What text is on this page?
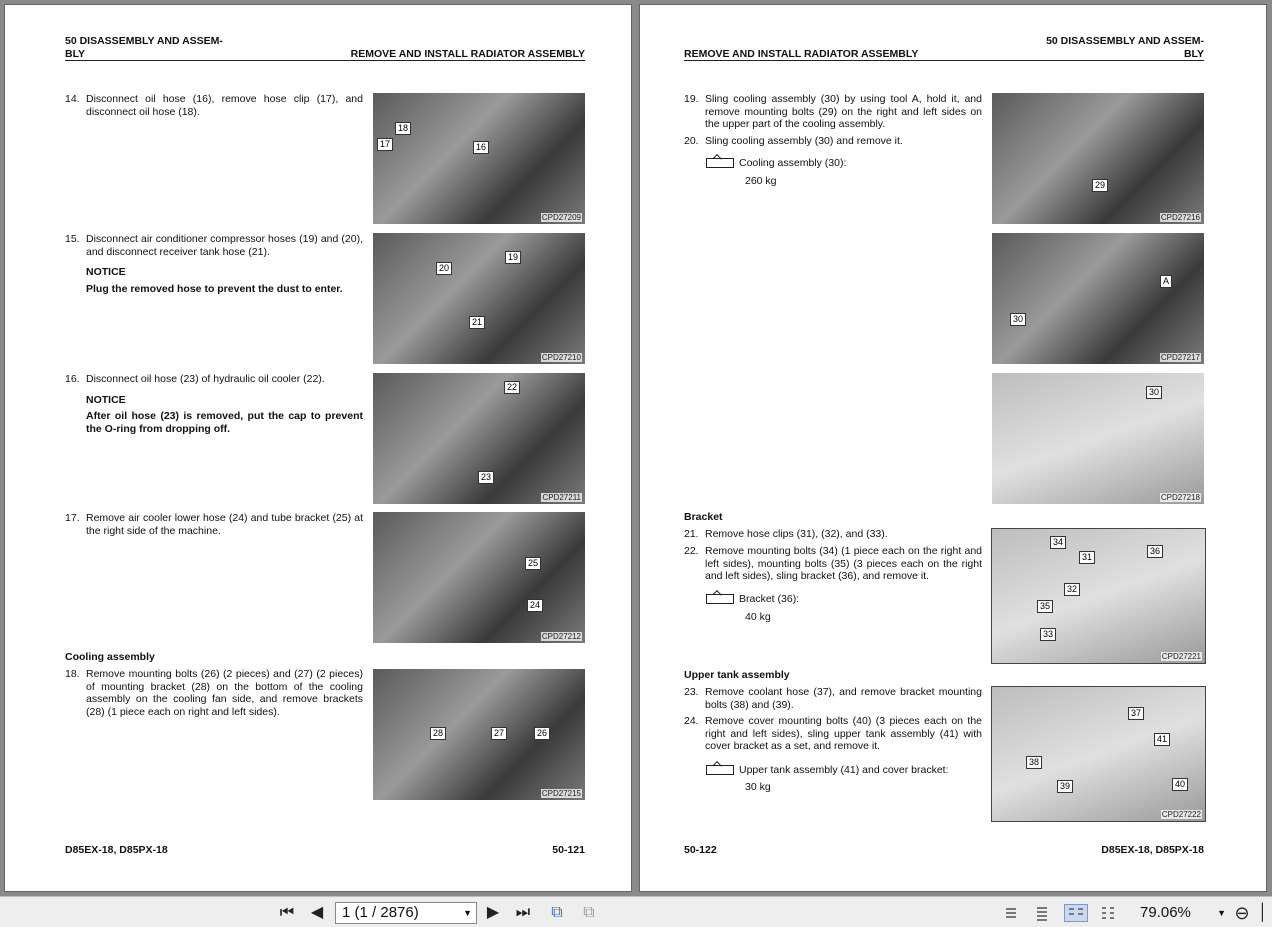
50 DISASSEMBLY AND ASSEM-
BLY	REMOVE AND INSTALL RADIATOR ASSEMBLY
14. Disconnect oil hose (16), remove hose clip (17), and disconnect oil hose (18).
18
17	16
CPD27209
15. Disconnect air conditioner compressor hoses (19) and (20), and disconnect receiver tank hose (21).
NOTICE
Plug the removed hose to prevent the dust to enter.
19
20
21
CPD27210
16. Disconnect oil hose (23) of hydraulic oil cooler (22).
NOTICE
After oil hose (23) is removed, put the cap to prevent the O-ring from dropping off.
22
23
CPD27211
17. Remove air cooler lower hose (24) and tube bracket (25) at the right side of the machine.
25
24
CPD27212
Cooling assembly
18. Remove mounting bolts (26) (2 pieces) and (27) (2 pieces) of mounting bracket (28) on the bottom of the cooling assembly on the cooling fan side, and remove brackets (28) (1 piece each on right and left sides).
28	27	26
CPD27215
D85EX-18, D85PX-18	50-121
REMOVE AND INSTALL RADIATOR ASSEMBLY
50 DISASSEMBLY AND ASSEM-
BLY
19. Sling cooling assembly (30) by using tool A, hold it, and remove mounting bolts (29) on the right and left sides on the upper part of the cooling assembly.
20. Sling cooling assembly (30) and remove it.
Cooling assembly (30):
260 kg	29
CPD27216
A
30
CPD27217
30
CPD27218
Bracket
21. Remove hose clips (31), (32), and (33).
22. Remove mounting bolts (34) (1 piece each on the right and left sides), mounting bolts (35) (3 pieces each on the right and left sides), sling bracket (36), and remove it.
Bracket (36):
40 kg
34
31
36
32
35
33
CPD27221
Upper tank assembly
23. Remove coolant hose (37), and remove bracket mounting bolts (38) and (39).
24. Remove cover mounting bolts (40) (3 pieces each on the right and left sides), sling upper tank assembly (41) with cover bracket as a set, and remove it.
Upper tank assembly (41) and cover bracket:
30 kg
37
41
38
39	40
CPD27222
50-122	D85EX-18, D85PX-18
⏮ ◀	1 (1 / 2876)	▼ ▶ ⏭	⧉	⧉	79.06%	▼ ⊖ │
